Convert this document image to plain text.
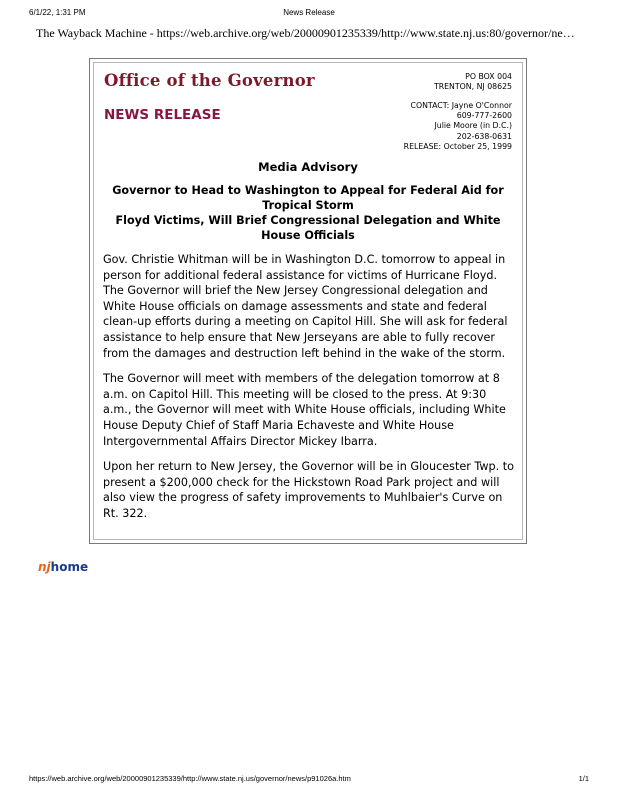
6/1/22, 1:31 PM	News Release
The Wayback Machine - https://web.archive.org/web/20000901235339/http://www.state.nj.us:80/governor/ne…
Office of the Governor
NEWS RELEASE
PO BOX 004
TRENTON, NJ 08625
CONTACT: Jayne O'Connor
609-777-2600
Julie Moore (in D.C.)
202-638-0631
RELEASE: October 25, 1999
Media Advisory
Governor to Head to Washington to Appeal for Federal Aid for Tropical Storm
Floyd Victims, Will Brief Congressional Delegation and White House Officials

Gov. Christie Whitman will be in Washington D.C. tomorrow to appeal in person for additional federal assistance for victims of Hurricane Floyd. The Governor will brief the New Jersey Congressional delegation and White House officials on damage assessments and state and federal clean-up efforts during a meeting on Capitol Hill. She will ask for federal assistance to help ensure that New Jerseyans are able to fully recover from the damages and destruction left behind in the wake of the storm.

The Governor will meet with members of the delegation tomorrow at 8 a.m. on Capitol Hill. This meeting will be closed to the press. At 9:30 a.m., the Governor will meet with White House officials, including White House Deputy Chief of Staff Maria Echaveste and White House Intergovernmental Affairs Director Mickey Ibarra.

Upon her return to New Jersey, the Governor will be in Gloucester Twp. to present a $200,000 check for the Hickstown Road Park project and will also view the progress of safety improvements to Muhlbaier's Curve on Rt. 322.

njhome
https://web.archive.org/web/20000901235339/http://www.state.nj.us/governor/news/p91026a.htm	1/1
